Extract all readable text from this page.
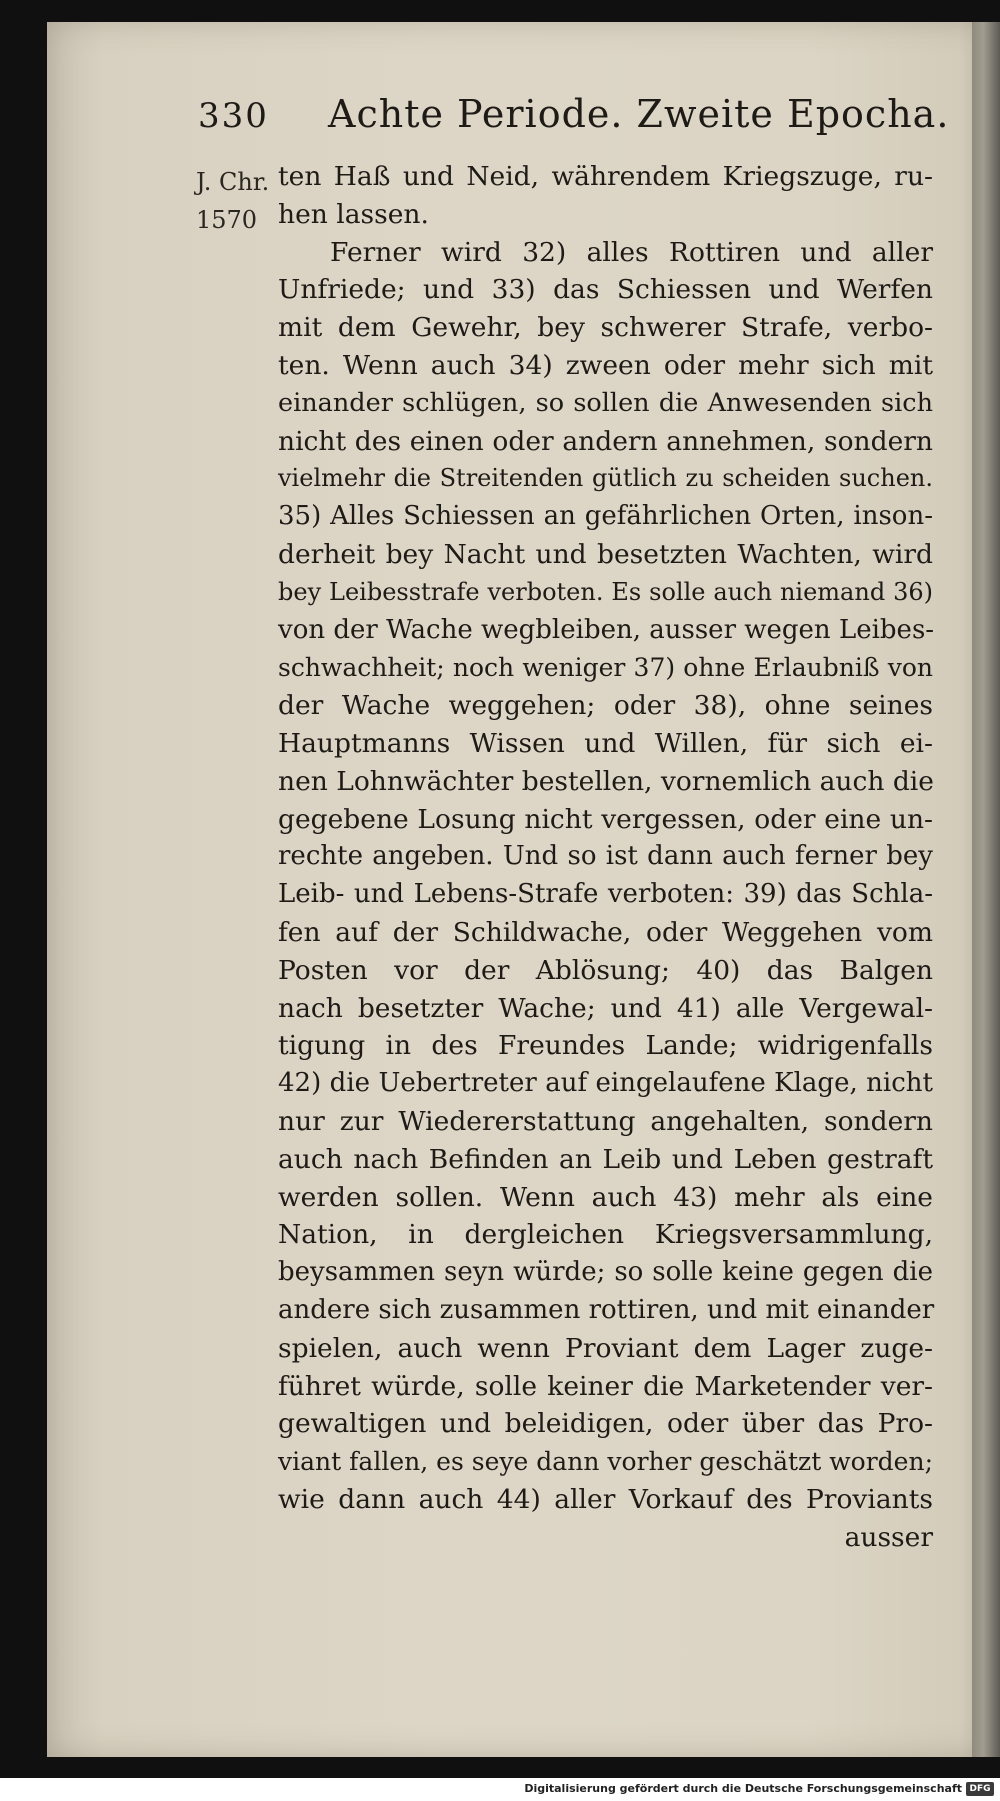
330 Achte Periode. Zweite Epocha.
J. Chr.
1570
ten Haß und Neid, währendem Kriegszuge, ru-
hen lassen.
Ferner wird 32) alles Rottiren und aller
Unfriede; und 33) das Schiessen und Werfen
mit dem Gewehr, bey schwerer Strafe, verbo-
ten. Wenn auch 34) zween oder mehr sich mit
einander schlügen, so sollen die Anwesenden sich
nicht des einen oder andern annehmen, sondern
vielmehr die Streitenden gütlich zu scheiden suchen.
35) Alles Schiessen an gefährlichen Orten, inson-
derheit bey Nacht und besetzten Wachten, wird
bey Leibesstrafe verboten. Es solle auch niemand 36)
von der Wache wegbleiben, ausser wegen Leibes-
schwachheit; noch weniger 37) ohne Erlaubniß von
der Wache weggehen; oder 38), ohne seines
Hauptmanns Wissen und Willen, für sich ei-
nen Lohnwächter bestellen, vornemlich auch die
gegebene Losung nicht vergessen, oder eine un-
rechte angeben. Und so ist dann auch ferner bey
Leib- und Lebens-Strafe verboten: 39) das Schla-
fen auf der Schildwache, oder Weggehen vom
Posten vor der Ablösung; 40) das Balgen
nach besetzter Wache; und 41) alle Vergewal-
tigung in des Freundes Lande; widrigenfalls
42) die Uebertreter auf eingelaufene Klage, nicht
nur zur Wiedererstattung angehalten, sondern
auch nach Befinden an Leib und Leben gestraft
werden sollen. Wenn auch 43) mehr als eine
Nation, in dergleichen Kriegsversammlung,
beysammen seyn würde; so solle keine gegen die
andere sich zusammen rottiren, und mit einander
spielen, auch wenn Proviant dem Lager zuge-
führet würde, solle keiner die Marketender ver-
gewaltigen und beleidigen, oder über das Pro-
viant fallen, es seye dann vorher geschätzt worden;
wie dann auch 44) aller Vorkauf des Proviants
ausser
Digitalisierung gefördert durch die Deutsche Forschungsgemeinschaft DFG
